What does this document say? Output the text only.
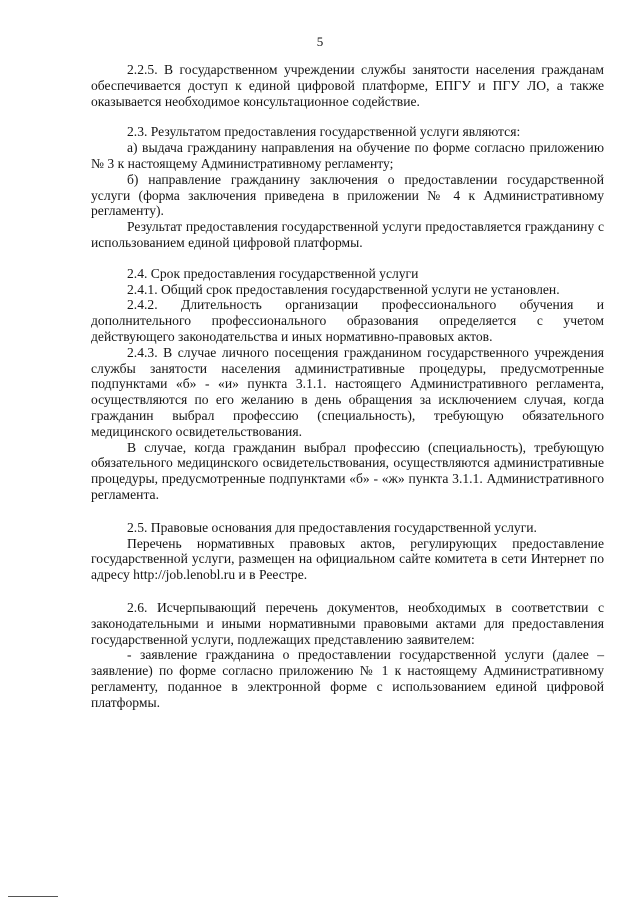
5

2.2.5. В государственном учреждении службы занятости населения гражданам обеспечивается доступ к единой цифровой платформе, ЕПГУ и ПГУ ЛО, а также оказывается необходимое консультационное содействие.

2.3. Результатом предоставления государственной услуги являются:

а) выдача гражданину направления на обучение по форме согласно приложению № 3 к настоящему Административному регламенту;

б) направление гражданину заключения о предоставлении государственной услуги (форма заключения приведена в приложении № 4 к Административному регламенту).

Результат предоставления государственной услуги предоставляется гражданину с использованием единой цифровой платформы.

2.4. Срок предоставления государственной услуги

2.4.1. Общий срок предоставления государственной услуги не установлен.

2.4.2. Длительность организации профессионального обучения и дополнительного профессионального образования определяется с учетом действующего законодательства и иных нормативно-правовых актов.

2.4.3. В случае личного посещения гражданином государственного учреждения службы занятости населения административные процедуры, предусмотренные подпунктами «б» - «и» пункта 3.1.1. настоящего Административного регламента, осуществляются по его желанию в день обращения за исключением случая, когда гражданин выбрал профессию (специальность), требующую обязательного медицинского освидетельствования.

В случае, когда гражданин выбрал профессию (специальность), требующую обязательного медицинского освидетельствования, осуществляются административные процедуры, предусмотренные подпунктами «б» - «ж» пункта 3.1.1. Административного регламента.

2.5. Правовые основания для предоставления государственной услуги.

Перечень нормативных правовых актов, регулирующих предоставление государственной услуги, размещен на официальном сайте комитета в сети Интернет по адресу http://job.lenobl.ru и в Реестре.

2.6. Исчерпывающий перечень документов, необходимых в соответствии с законодательными и иными нормативными правовыми актами для предоставления государственной услуги, подлежащих представлению заявителем:

- заявление гражданина о предоставлении государственной услуги (далее – заявление) по форме согласно приложению № 1 к настоящему Административному регламенту, поданное в электронной форме с использованием единой цифровой платформы.
